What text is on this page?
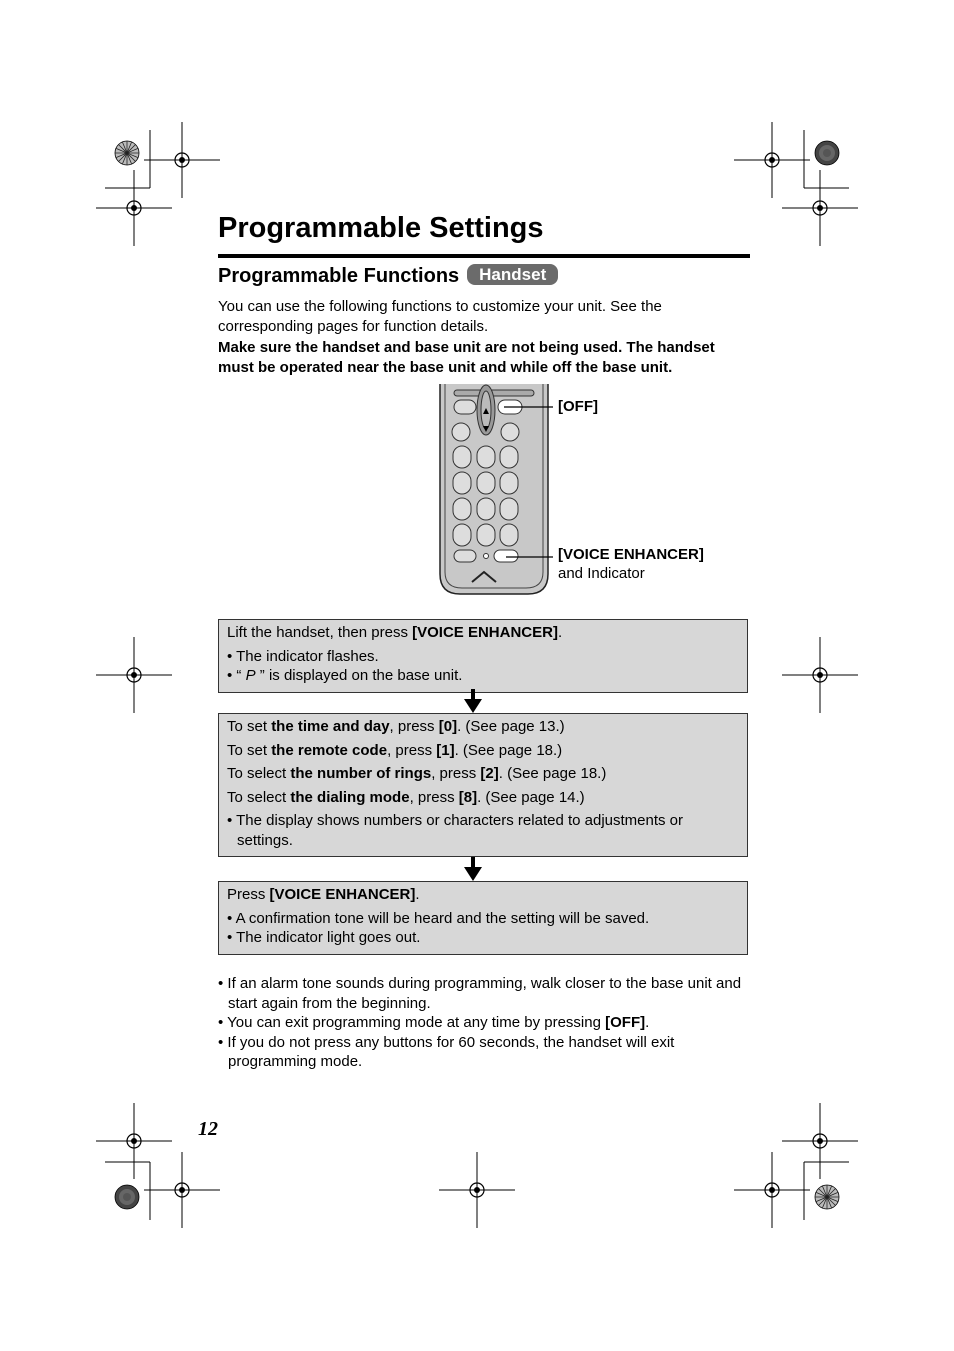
Programmable Settings
Programmable Functions Handset
You can use the following functions to customize your unit. See the corresponding pages for function details.
Make sure the handset and base unit are not being used. The handset must be operated near the base unit and while off the base unit.
[OFF]
[VOICE ENHANCER]
and Indicator
Lift the handset, then press [VOICE ENHANCER].
• The indicator flashes.
• “ P ” is displayed on the base unit.
To set the time and day, press [0]. (See page 13.)
To set the remote code, press [1]. (See page 18.)
To select the number of rings, press [2]. (See page 18.)
To select the dialing mode, press [8]. (See page 14.)
• The display shows numbers or characters related to adjustments or settings.
Press [VOICE ENHANCER].
• A confirmation tone will be heard and the setting will be saved.
• The indicator light goes out.
• If an alarm tone sounds during programming, walk closer to the base unit and start again from the beginning.
• You can exit programming mode at any time by pressing [OFF].
• If you do not press any buttons for 60 seconds, the handset will exit programming mode.
12
